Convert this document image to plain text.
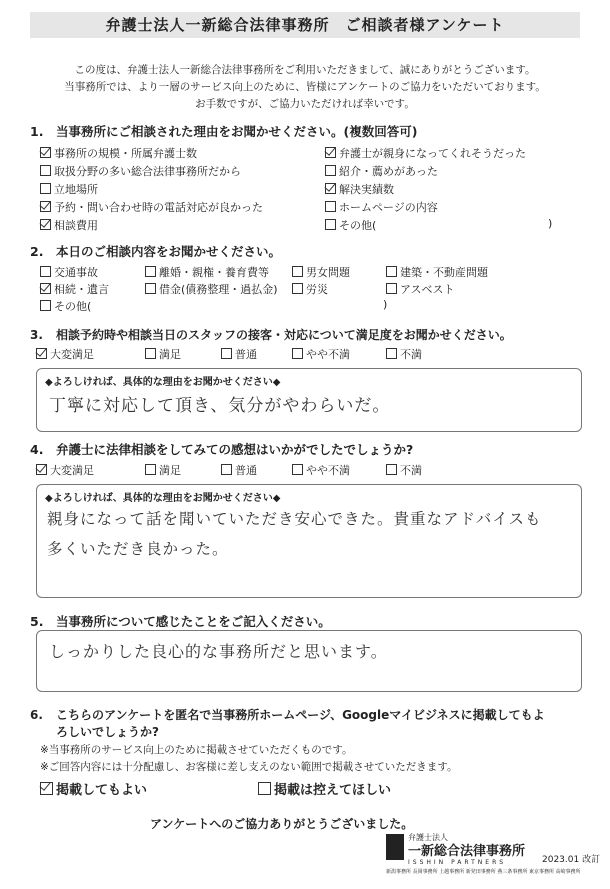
弁護士法人一新総合法律事務所　ご相談者様アンケート
この度は、弁護士法人一新総合法律事務所をご利用いただきまして、誠にありがとうございます。
当事務所では、より一層のサービス向上のために、皆様にアンケートのご協力をいただいております。
お手数ですが、ご協力いただければ幸いです。
1. 当事務所にご相談された理由をお聞かせください。(複数回答可)
事務所の規模・所属弁護士数
取扱分野の多い総合法律事務所だから
立地場所
予約・問い合わせ時の電話対応が良かった
相談費用
弁護士が親身になってくれそうだった
紹介・薦めがあった
解決実績数
ホームページの内容
その他(	)
2. 本日のご相談内容をお聞かせください。
交通事故	離婚・親権・養育費等	男女問題	建築・不動産問題
相続・遺言	借金(債務整理・過払金)	労災	アスベスト
その他(	)
3. 相談予約時や相談当日のスタッフの接客・対応について満足度をお聞かせください。
大変満足	満足	普通	やや不満	不満
◆よろしければ、具体的な理由をお聞かせください◆
丁寧に対応して頂き、気分がやわらいだ。
4. 弁護士に法律相談をしてみての感想はいかがでしたでしょうか?
大変満足	満足	普通	やや不満	不満
◆よろしければ、具体的な理由をお聞かせください◆
親身になって話を聞いていただき安心できた。貴重なアドバイスも
多くいただき良かった。
5. 当事務所について感じたことをご記入ください。
しっかりした良心的な事務所だと思います。
6. こちらのアンケートを匿名で当事務所ホームページ、Googleマイビジネスに掲載してもよ
ろしいでしょうか?
※当事務所のサービス向上のために掲載させていただくものです。
※ご回答内容には十分配慮し、お客様に差し支えのない範囲で掲載させていただきます。
掲載してもよい	掲載は控えてほしい
アンケートへのご協力ありがとうございました。
弁護士法人
一新総合法律事務所
ISSHIN PARTNERS
新潟事務所 長岡事務所 上越事務所 新発田事務所 燕三条事務所 東京事務所 高崎事務所
2023.01 改訂
